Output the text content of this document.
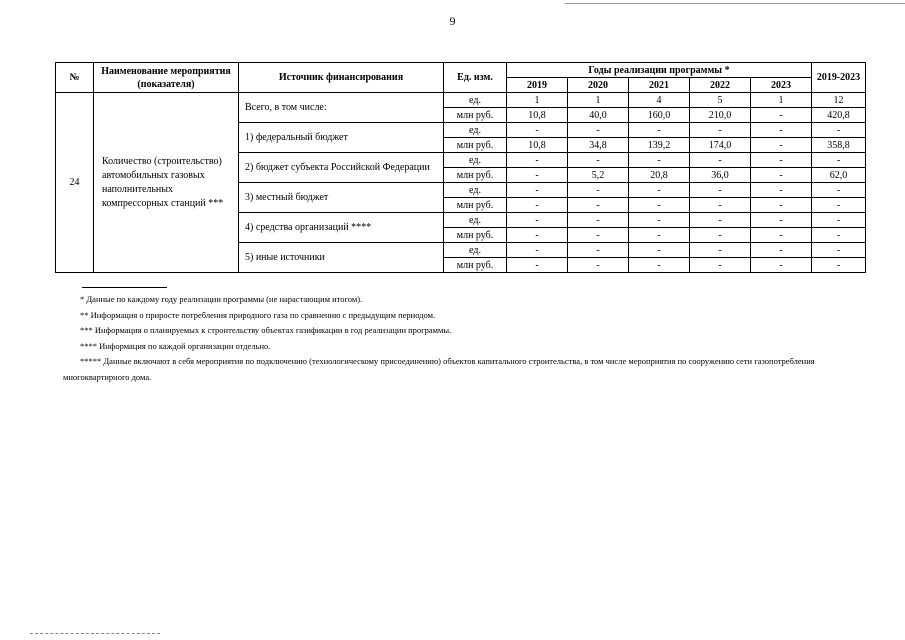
9
№	Наименование мероприятия (показателя)	Источник финансирования	Ед. изм.	Годы реализации программы *					2019-2023
				2019	2020	2021	2022	2023	
24	Количество (строительство) автомобильных газовых наполнительных компрессорных станций ***	Всего, в том числе:	ед.	1	1	4	5	1	12
			млн руб.	10,8	40,0	160,0	210,0	-	420,8
		1) федеральный бюджет	ед.	-	-	-	-	-	-
			млн руб.	10,8	34,8	139,2	174,0	-	358,8
		2) бюджет субъекта Российской Федерации	ед.	-	-	-	-	-	-
			млн руб.	-	5,2	20,8	36,0	-	62,0
		3) местный бюджет	ед.	-	-	-	-	-	-
			млн руб.	-	-	-	-	-	-
		4) средства организаций ****	ед.	-	-	-	-	-	-
			млн руб.	-	-	-	-	-	-
		5) иные источники	ед.	-	-	-	-	-	-
			млн руб.	-	-	-	-	-	-

* Данные по каждому году реализации программы (не нарастающим итогом).

** Информация о приросте потребления природного газа по сравнению с предыдущим периодом.

*** Информация о планируемых к строительству объектах газификации в год реализации программы.

**** Информация по каждой организации отдельно.

***** Данные включают в себя мероприятия по подключению (технологическому присоединению) объектов капитального строительства, в том числе мероприятия по сооружению сети газопотребления многоквартирного дома.
